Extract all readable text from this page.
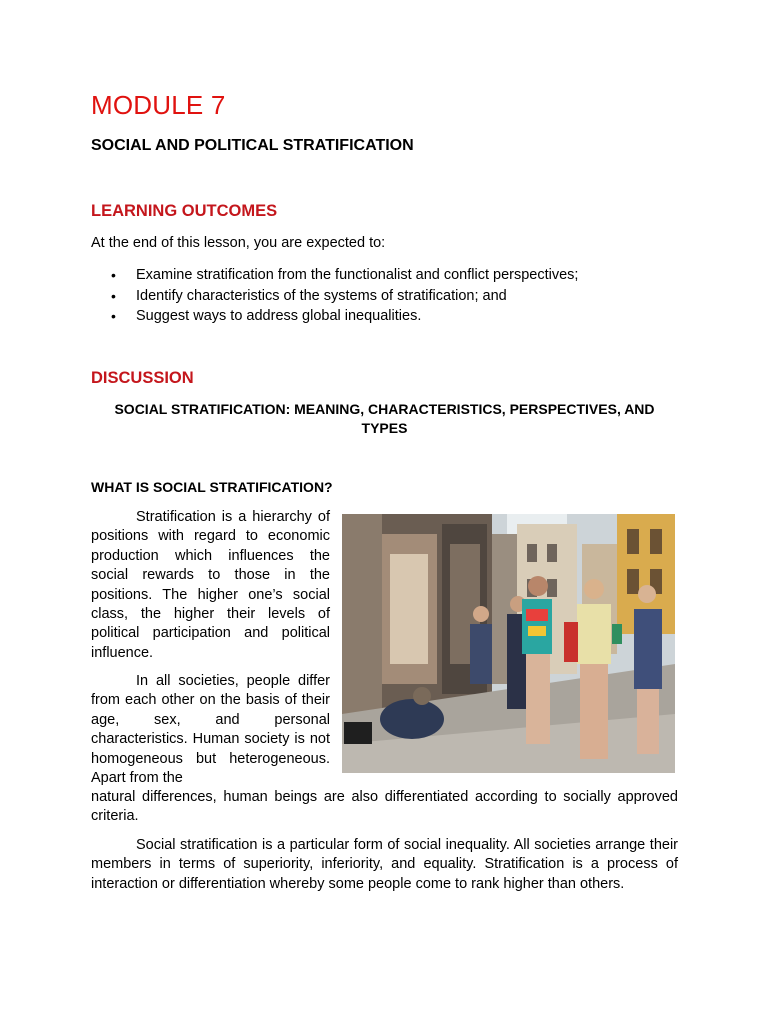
MODULE 7
SOCIAL AND POLITICAL STRATIFICATION
LEARNING OUTCOMES

At the end of this lesson, you are expected to:

• Examine stratification from the functionalist and conflict perspectives;
• Identify characteristics of the systems of stratification; and
• Suggest ways to address global inequalities.
DISCUSSION
SOCIAL STRATIFICATION: MEANING, CHARACTERISTICS, PERSPECTIVES, AND TYPES
WHAT IS SOCIAL STRATIFICATION?

Stratification is a hierarchy of positions with regard to economic production which influences the social rewards to those in the positions. The higher one’s social class, the higher their levels of political participation and political influence.

In all societies, people differ from each other on the basis of their age, sex, and personal characteristics. Human society is not homogeneous but heterogeneous. Apart from the

natural differences, human beings are also differentiated according to socially approved criteria.

Social stratification is a particular form of social inequality. All societies arrange their members in terms of superiority, inferiority, and equality. Stratification is a process of interaction or differentiation whereby some people come to rank higher than others.
